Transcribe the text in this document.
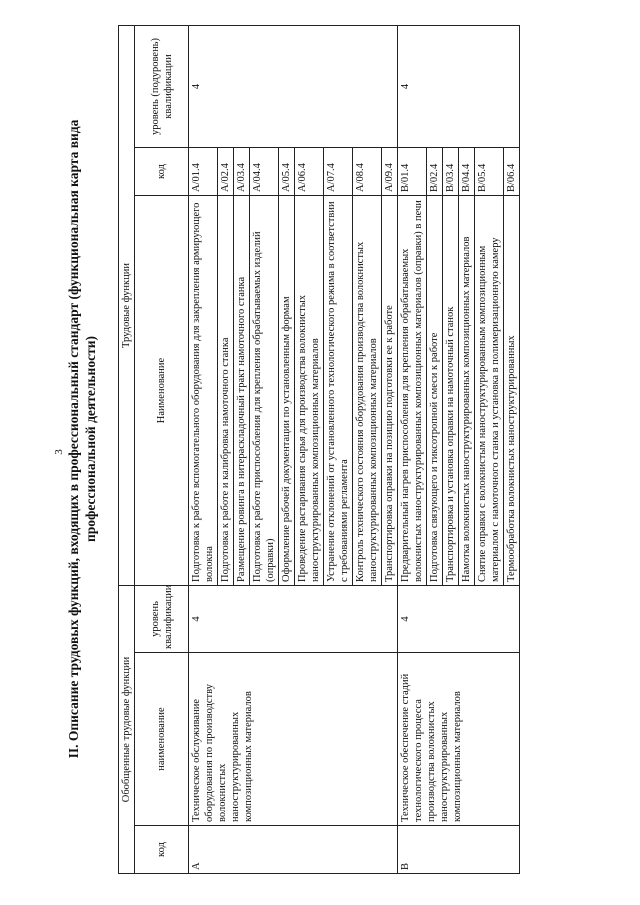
3 II. Описание трудовых функций, входящих в профессиональный стандарт (функциональная карта вида профессиональной деятельности)
Обобщенные трудовые функции			Трудовые функции		
код	наименование	уровень квалификации	Наименование	код	уровень (подуровень) квалификации
A	Техническое обслуживание оборудования по производству волокнистых наноструктурированных композиционных материалов	4	Подготовка к работе вспомогательного оборудования для закрепления армирующего волокна	A/01.4	4
			Подготовка к работе и калибровка намоточного станка	A/02.4	
			Размещение ровинга в нитераскладочный тракт намоточного станка	A/03.4	
			Подготовка к работе приспособления для крепления обрабатываемых изделий (оправки)	A/04.4	
			Оформление рабочей документации по установленным формам	A/05.4	
			Проведение растаривания сырья для производства волокнистых наноструктурированных композиционных материалов	A/06.4	
			Устранение отклонений от установленного технологического режима в соответствии с требованиями регламента	A/07.4	
			Контроль технического состояния оборудования производства волокнистых наноструктурированных композиционных материалов	A/08.4	
			Транспортировка оправки на позицию подготовки ее к работе	A/09.4	
B	Техническое обеспечение стадий технологического процесса производства волокнистых наноструктурированных композиционных материалов	4	Предварительный нагрев приспособления для крепления обрабатываемых волокнистых наноструктурированных композиционных материалов (оправки) в печи	B/01.4	4
			Подготовка связующего и тиксотропной смеси к работе	B/02.4	
			Транспортировка и установка оправки на намоточный станок	B/03.4	
			Намотка волокнистых наноструктурированных композиционных материалов	B/04.4	
			Снятие оправки с волокнистым наноструктурированным композиционным материалом с намоточного станка и установка в полимеризационную камеру	B/05.4	
			Термообработка волокнистых наноструктурированных	B/06.4	
